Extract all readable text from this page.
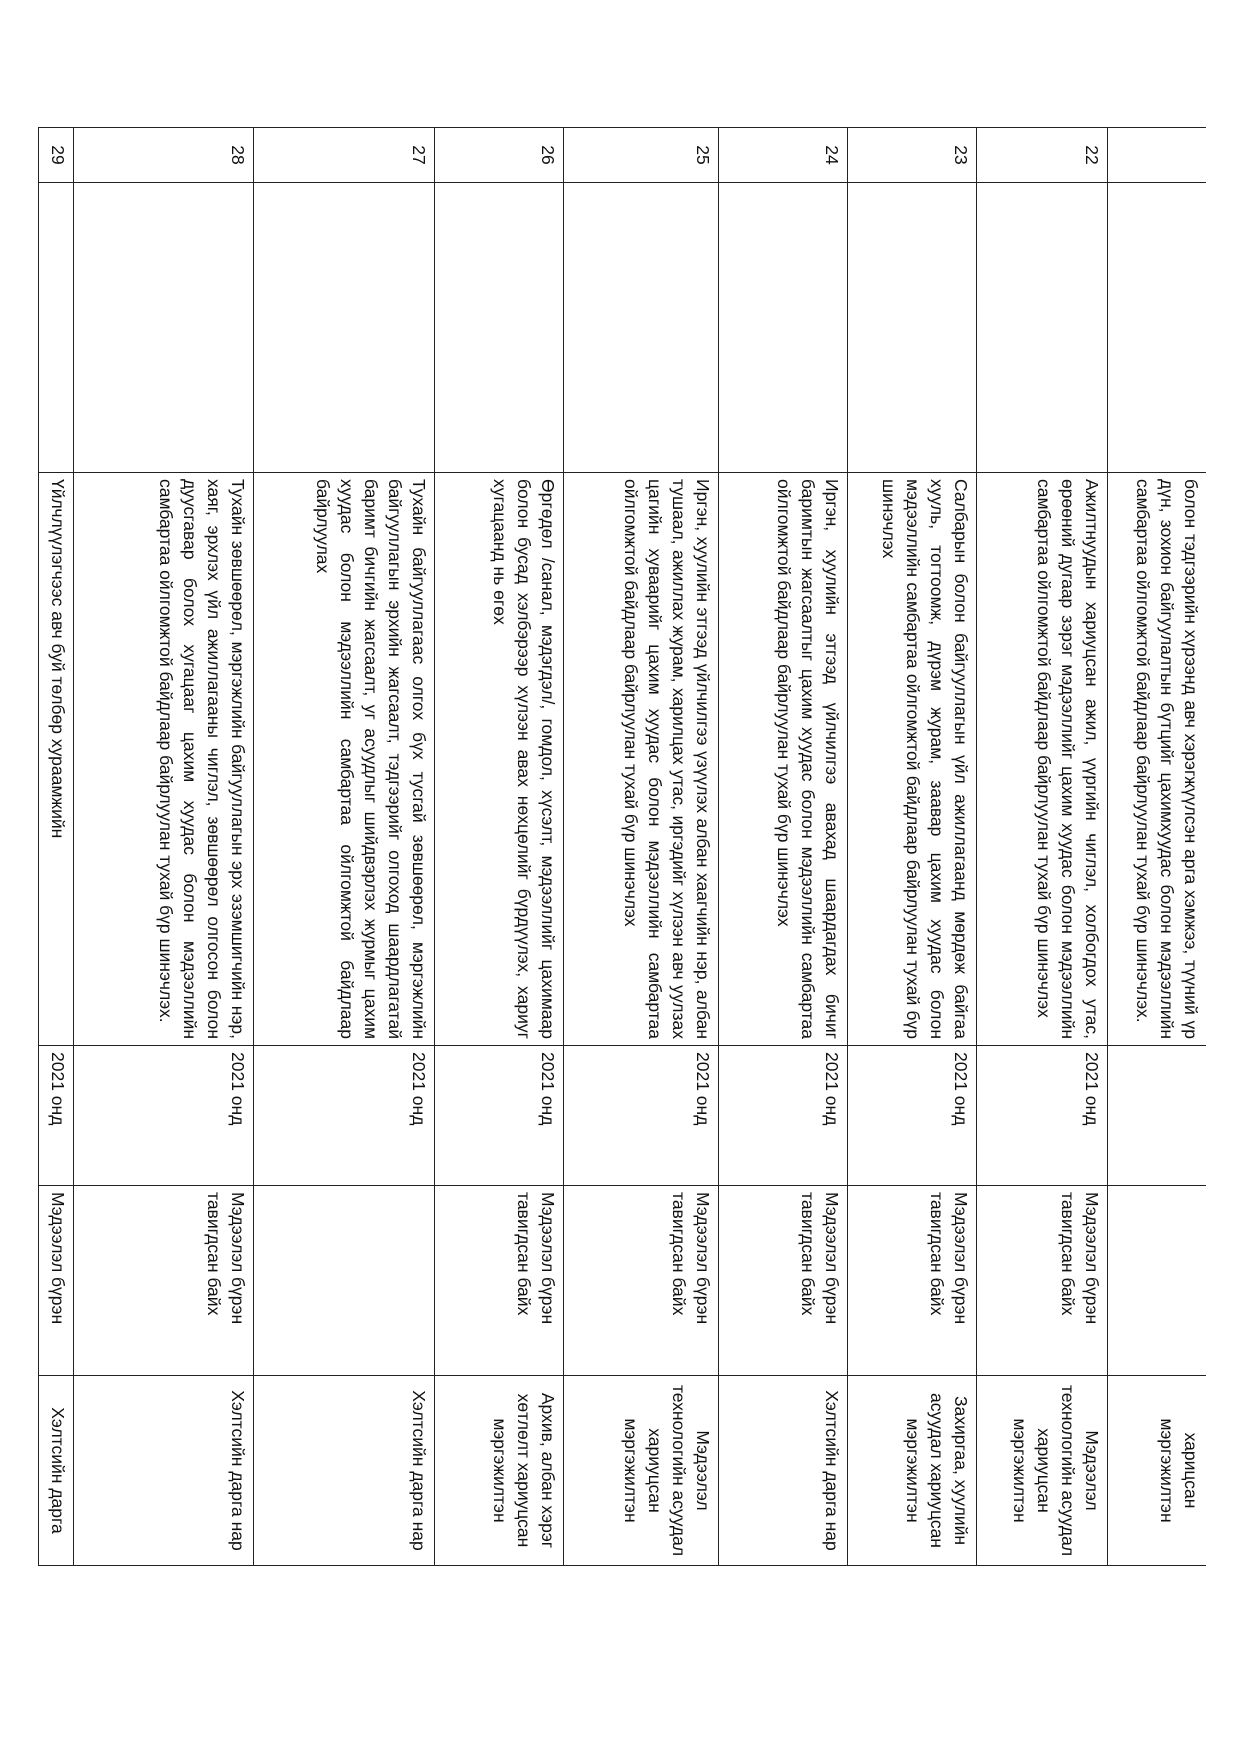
		болон тэдгээрийн хүрээнд авч хэрэгжүүлсэн арга хэмжээ, түүний үр дүн, зохион байгуулалтын бүтцийг цахимхуудас болон мэдээллийн самбартаа ойлгомжтой байдлаар байрлуулан тухай бүр шинэчлэх.			харицсан мэргэжилтэн
22		Ажилтнуудын хариуцсан ажил, үүргийн чиглэл, холбогдох утас, өрөөний дугаар зэрэг мэдээллийг цахим хуудас болон мэдээллийн самбартаа ойлгомжтой байдлаар байрлуулан тухай бүр шинэчлэх	2021 онд	Мэдээлэл бүрэн тавигдсан байх	Мэдээлэл технологийн асуудал хариуцсан мэргэжилтэн
23		Салбарын болон байгууллагын үйл ажиллагаанд мөрдөж байгаа хууль, тогтоомж, дүрэм журам, заавар цахим хуудас болон мэдээллийн самбартаа ойлгомжтой байдлаар байрлуулан тухай бүр шинэчлэх	2021 онд	Мэдээлэл бүрэн тавигдсан байх	Захиргаа, хуулийн асуудал хариуцсан мэргэжилтэн
24		Иргэн, хуулийн этгээд үйлчилгээ авахад шаардагдах бичиг баримтын жагсаалтыг цахим хуудас болон мэдээллийн самбартаа ойлгомжтой байдлаар байрлуулан тухай бүр шинэчлэх	2021 онд	Мэдээлэл бүрэн тавигдсан байх	Хэлтсийн дарга нар
25		Иргэн, хуулийн этгээд үйлчилгээ үзүүлэх албан хаагчийн нэр, албан тушаал, ажиллах журам, харилцах утас, иргэдийг хүлээн авч уулзах цагийн хуваарийг цахим хуудас болон мэдээллийн самбартаа ойлгомжтой байдлаар байрлуулан тухай бүр шинэчлэх	2021 онд	Мэдээлэл бүрэн тавигдсан байх	Мэдээлэл технологийн асуудал хариуцсан мэргэжилтэн
26		Өргөдөл /санал, мэдэгдэл/, гомдол, хүсэлт, мэдээллийг цахимаар болон бусад хэлбэрээр хүлээн авах нөхцөлийг бүрдүүлэх, хариуг хугацаанд нь өгөх	2021 онд	Мэдээлэл бүрэн тавигдсан байх	Архив, албан хэрэг хөтлөлт хариуцсан мэргэжилтэн
27		Тухайн байгууллагаас олгох бүх тусгай зөвшөөрөл, мэргэжлийн байгууллагын эрхийн жагсаалт, тэдгээрийг олгоход шаардлагатай баримт бичгийн жагсаалт, уг асуудлыг шийдвэрлэх журмыг цахим хуудас болон мэдээллийн самбартаа ойлгомжтой байдлаар байрлуулах	2021 онд		Хэлтсийн дарга нар
28		Тухайн зөвшөөрөл, мэргэжлийн байгууллагын эрх эзэмшигчийн нэр, хаяг, эрхлэх үйл ажиллагааны чиглэл, зөвшөөрөл олгосон болон дуусгавар болох хугацааг цахим хуудас болон мэдээллийн самбартаа ойлгомжтой байдлаар байрлуулан тухай бүр шинэчлэх.	2021 онд	Мэдээлэл бүрэн тавигдсан байх	Хэлтсийн дарга нар
29		Үйлчлүүлэгчээс авч буй төлбөр хураамжийн	2021 онд	Мэдээлэл бүрэн	Хэлтсийн дарга
